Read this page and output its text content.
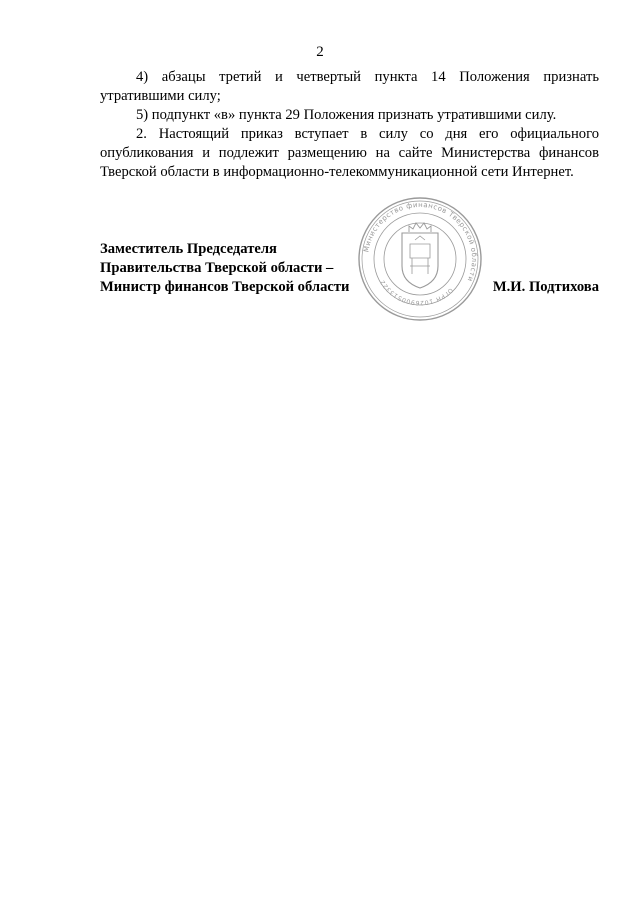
2

4) абзацы третий и четвертый пункта 14 Положения признать утратившими силу;

5) подпункт «в» пункта 29 Положения признать утратившими силу.

2. Настоящий приказ вступает в силу со дня его официального опубликования и подлежит размещению на сайте Министерства финансов Тверской области в информационно-телекоммуникационной сети Интернет.

Заместитель Председателя
Правительства Тверской области –
Министр финансов Тверской области	М.И. Подтихова
Министерство финансов Тверской области
ОГРН 1026900513322
